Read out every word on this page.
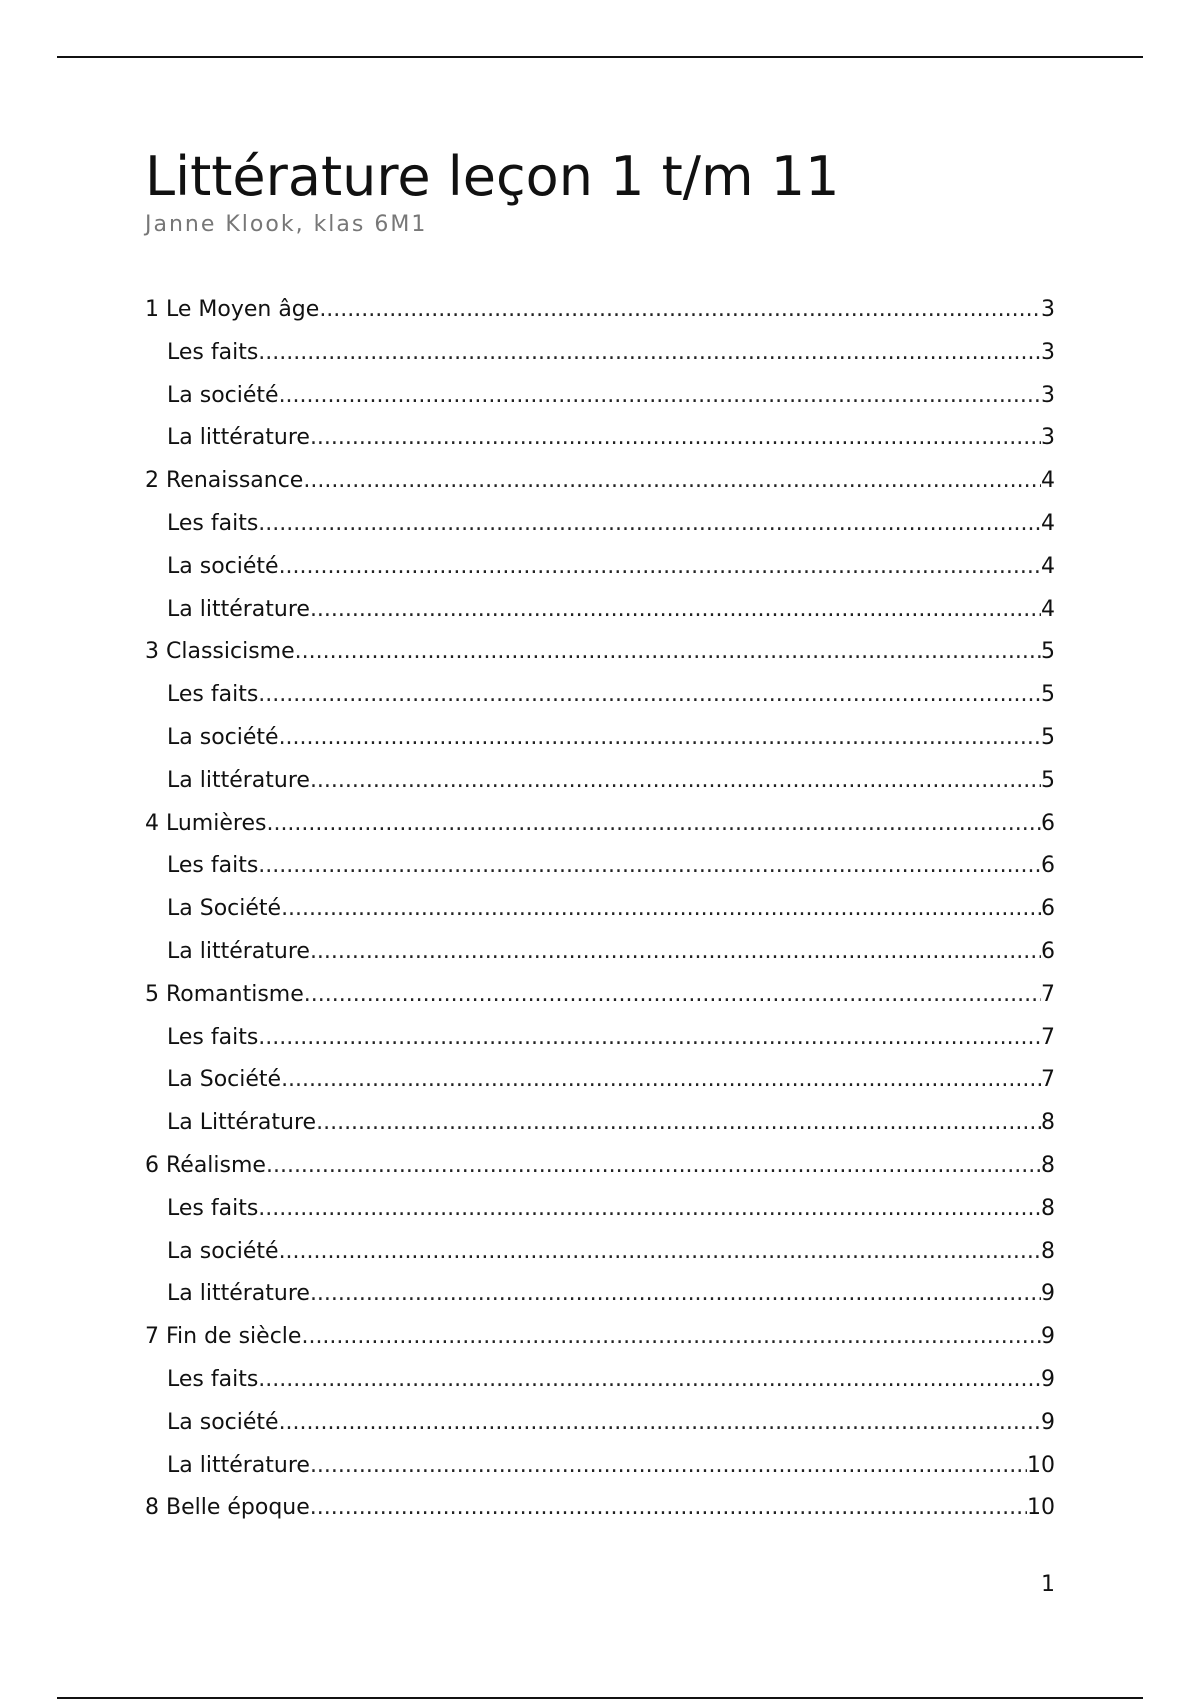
Littérature leçon 1 t/m 11
Janne Klook, klas 6M1
1 Le Moyen âge .....	3
Les faits .....	3
La société .....	3
La littérature .....	3
2 Renaissance .....	4
Les faits .....	4
La société .....	4
La littérature .....	4
3 Classicisme .....	5
Les faits .....	5
La société .....	5
La littérature .....	5
4 Lumières .....	6
Les faits .....	6
La Société .....	6
La littérature .....	6
5 Romantisme .....	7
Les faits .....	7
La Société .....	7
La Littérature .....	8
6 Réalisme .....	8
Les faits .....	8
La société .....	8
La littérature .....	9
7 Fin de siècle .....	9
Les faits .....	9
La société .....	9
La littérature .....	10
8 Belle époque .....	10
1
